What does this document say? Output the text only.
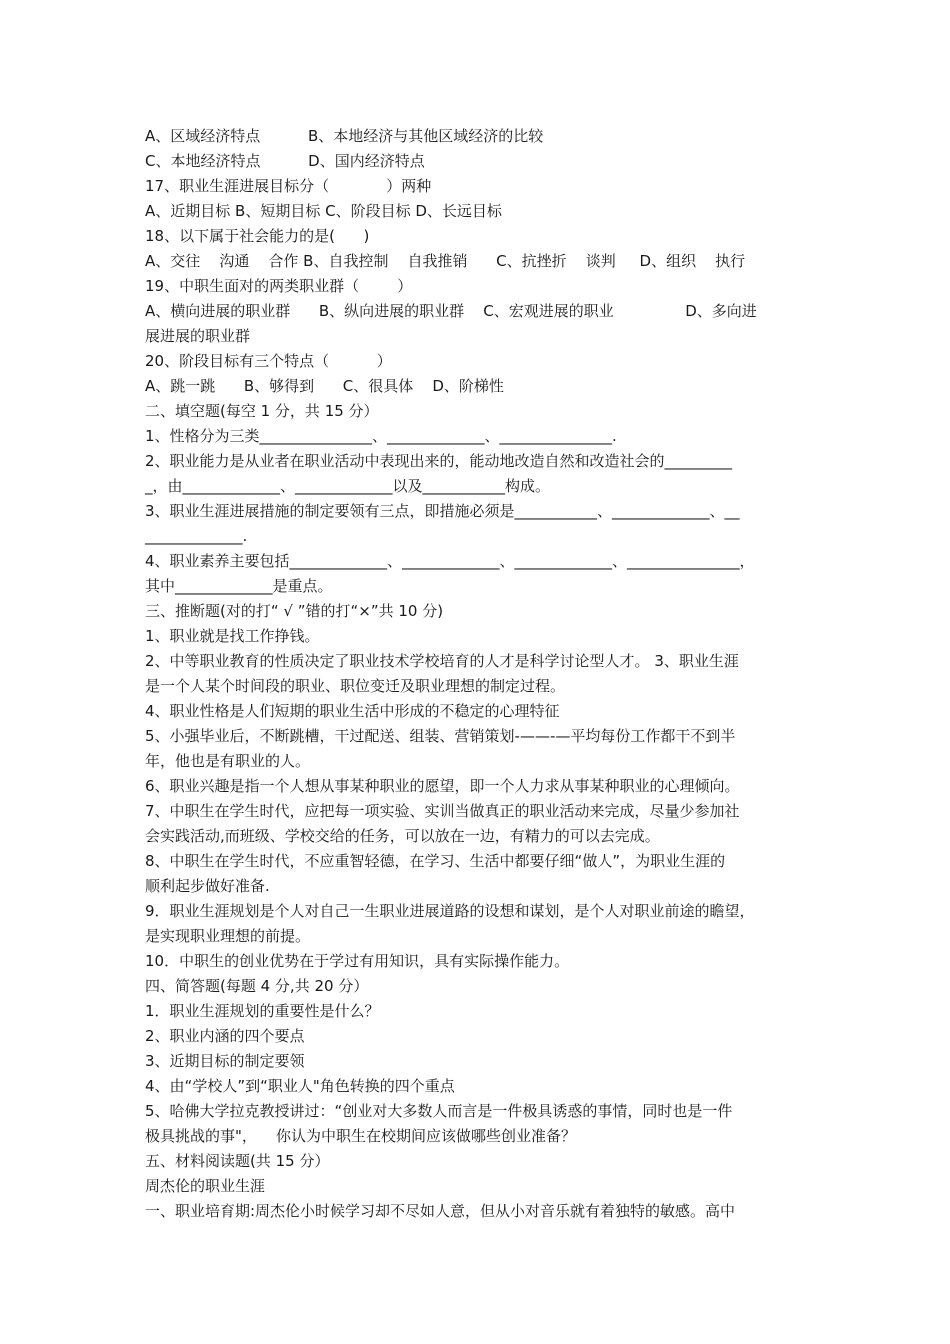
A、区域经济特点          B、本地经济与其他区域经济的比较
C、本地经济特点          D、国内经济特点
17、职业生涯进展目标分（            ）两种
A、近期目标 B、短期目标 C、阶段目标 D、长远目标
18、以下属于社会能力的是(      )
A、交往    沟通    合作 B、自我控制    自我推销      C、抗挫折    谈判     D、组织    执行
19、中职生面对的两类职业群（        ）
A、横向进展的职业群      B、纵向进展的职业群    C、宏观进展的职业               D、多向进
展进展的职业群
20、阶段目标有三个特点（          ）
A、跳一跳      B、够得到      C、很具体    D、阶梯性
二、填空题(每空 1 分，共 15 分）
1、性格分为三类_______________、_____________、_______________.
2、职业能力是从业者在职业活动中表现出来的，能动地改造自然和改造社会的_________
_，由_____________、_____________以及___________构成。
3、职业生涯进展措施的制定要领有三点，即措施必须是___________、_____________、__
_____________.
4、职业素养主要包括_____________、_____________、_____________、_______________，
其中_____________是重点。
三、推断题(对的打“ √ ”错的打“×”共 10 分)
1、职业就是找工作挣钱。
2、中等职业教育的性质决定了职业技术学校培育的人才是科学讨论型人才。 3、职业生涯
是一个人某个时间段的职业、职位变迁及职业理想的制定过程。
4、职业性格是人们短期的职业生活中形成的不稳定的心理特征
5、小强毕业后，不断跳槽，干过配送、组装、营销策划-——-—平均每份工作都干不到半
年，他也是有职业的人。
6、职业兴趣是指一个人想从事某种职业的愿望，即一个人力求从事某种职业的心理倾向。
7、中职生在学生时代，应把每一项实验、实训当做真正的职业活动来完成，尽量少参加社
会实践活动,而班级、学校交给的任务，可以放在一边，有精力的可以去完成。
8、中职生在学生时代，不应重智轻德，在学习、生活中都要仔细“做人”，为职业生涯的
顺利起步做好准备.
9．职业生涯规划是个人对自己一生职业进展道路的设想和谋划，是个人对职业前途的瞻望，
是实现职业理想的前提。
10．中职生的创业优势在于学过有用知识，具有实际操作能力。
四、简答题(每题 4 分,共 20 分）
1．职业生涯规划的重要性是什么？
2、职业内涵的四个要点
3、近期目标的制定要领
4、由“学校人”到“职业人"角色转换的四个重点
5、哈佛大学拉克教授讲过：“创业对大多数人而言是一件极具诱惑的事情，同时也是一件
极具挑战的事"，    你认为中职生在校期间应该做哪些创业准备？
五、材料阅读题(共 15 分）
周杰伦的职业生涯
一、职业培育期:周杰伦小时候学习却不尽如人意，但从小对音乐就有着独特的敏感。高中
